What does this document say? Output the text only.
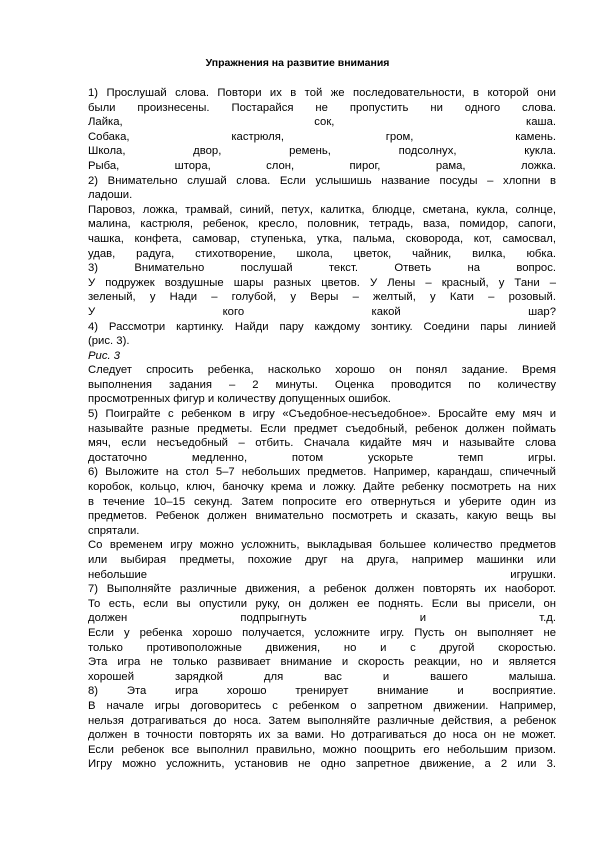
Упражнения на развитие внимания

1) Прослушай слова. Повтори их в той же последовательности, в которой они

были произнесены. Постарайся не пропустить ни одного слова.

Лайка, сок, каша.

Собака, кастрюля, гром, камень.

Школа, двор, ремень, подсолнух, кукла.

Рыба, штора, слон, пирог, рама, ложка.

2) Внимательно слушай слова. Если услышишь название посуды – хлопни в

ладоши.

Паровоз, ложка, трамвай, синий, петух, калитка, блюдце, сметана, кукла, солнце,

малина, кастрюля, ребенок, кресло, половник, тетрадь, ваза, помидор, сапоги,

чашка, конфета, самовар, ступенька, утка, пальма, сковорода, кот, самосвал,

удав, радуга, стихотворение, школа, цветок, чайник, вилка, юбка.

3) Внимательно послушай текст. Ответь на вопрос.

У подружек воздушные шары разных цветов. У Лены – красный, у Тани –

зеленый, у Нади – голубой, у Веры – желтый, у Кати – розовый.

У кого какой шар?

4) Рассмотри картинку. Найди пару каждому зонтику. Соедини пары линией

(рис. 3).

Рис. 3

Следует спросить ребенка, насколько хорошо он понял задание. Время

выполнения задания – 2 минуты. Оценка проводится по количеству

просмотренных фигур и количеству допущенных ошибок.

5) Поиграйте с ребенком в игру «Съедобное-несъедобное». Бросайте ему мяч и

называйте разные предметы. Если предмет съедобный, ребенок должен поймать

мяч, если несъедобный – отбить. Сначала кидайте мяч и называйте слова

достаточно медленно, потом ускорьте темп игры.

6) Выложите на стол 5–7 небольших предметов. Например, карандаш, спичечный

коробок, кольцо, ключ, баночку крема и ложку. Дайте ребенку посмотреть на них

в течение 10–15 секунд. Затем попросите его отвернуться и уберите один из

предметов. Ребенок должен внимательно посмотреть и сказать, какую вещь вы

спрятали.

Со временем игру можно усложнить, выкладывая большее количество предметов

или выбирая предметы, похожие друг на друга, например машинки или

небольшие игрушки.

7) Выполняйте различные движения, а ребенок должен повторять их наоборот.

То есть, если вы опустили руку, он должен ее поднять. Если вы присели, он

должен подпрыгнуть и т.д.

Если у ребенка хорошо получается, усложните игру. Пусть он выполняет не

только противоположные движения, но и с другой скоростью.

Эта игра не только развивает внимание и скорость реакции, но и является

хорошей зарядкой для вас и вашего малыша.

8) Эта игра хорошо тренирует внимание и восприятие.

В начале игры договоритесь с ребенком о запретном движении. Например,

нельзя дотрагиваться до носа. Затем выполняйте различные действия, а ребенок

должен в точности повторять их за вами. Но дотрагиваться до носа он не может.

Если ребенок все выполнил правильно, можно поощрить его небольшим призом.

Игру можно усложнить, установив не одно запретное движение, а 2 или 3.
